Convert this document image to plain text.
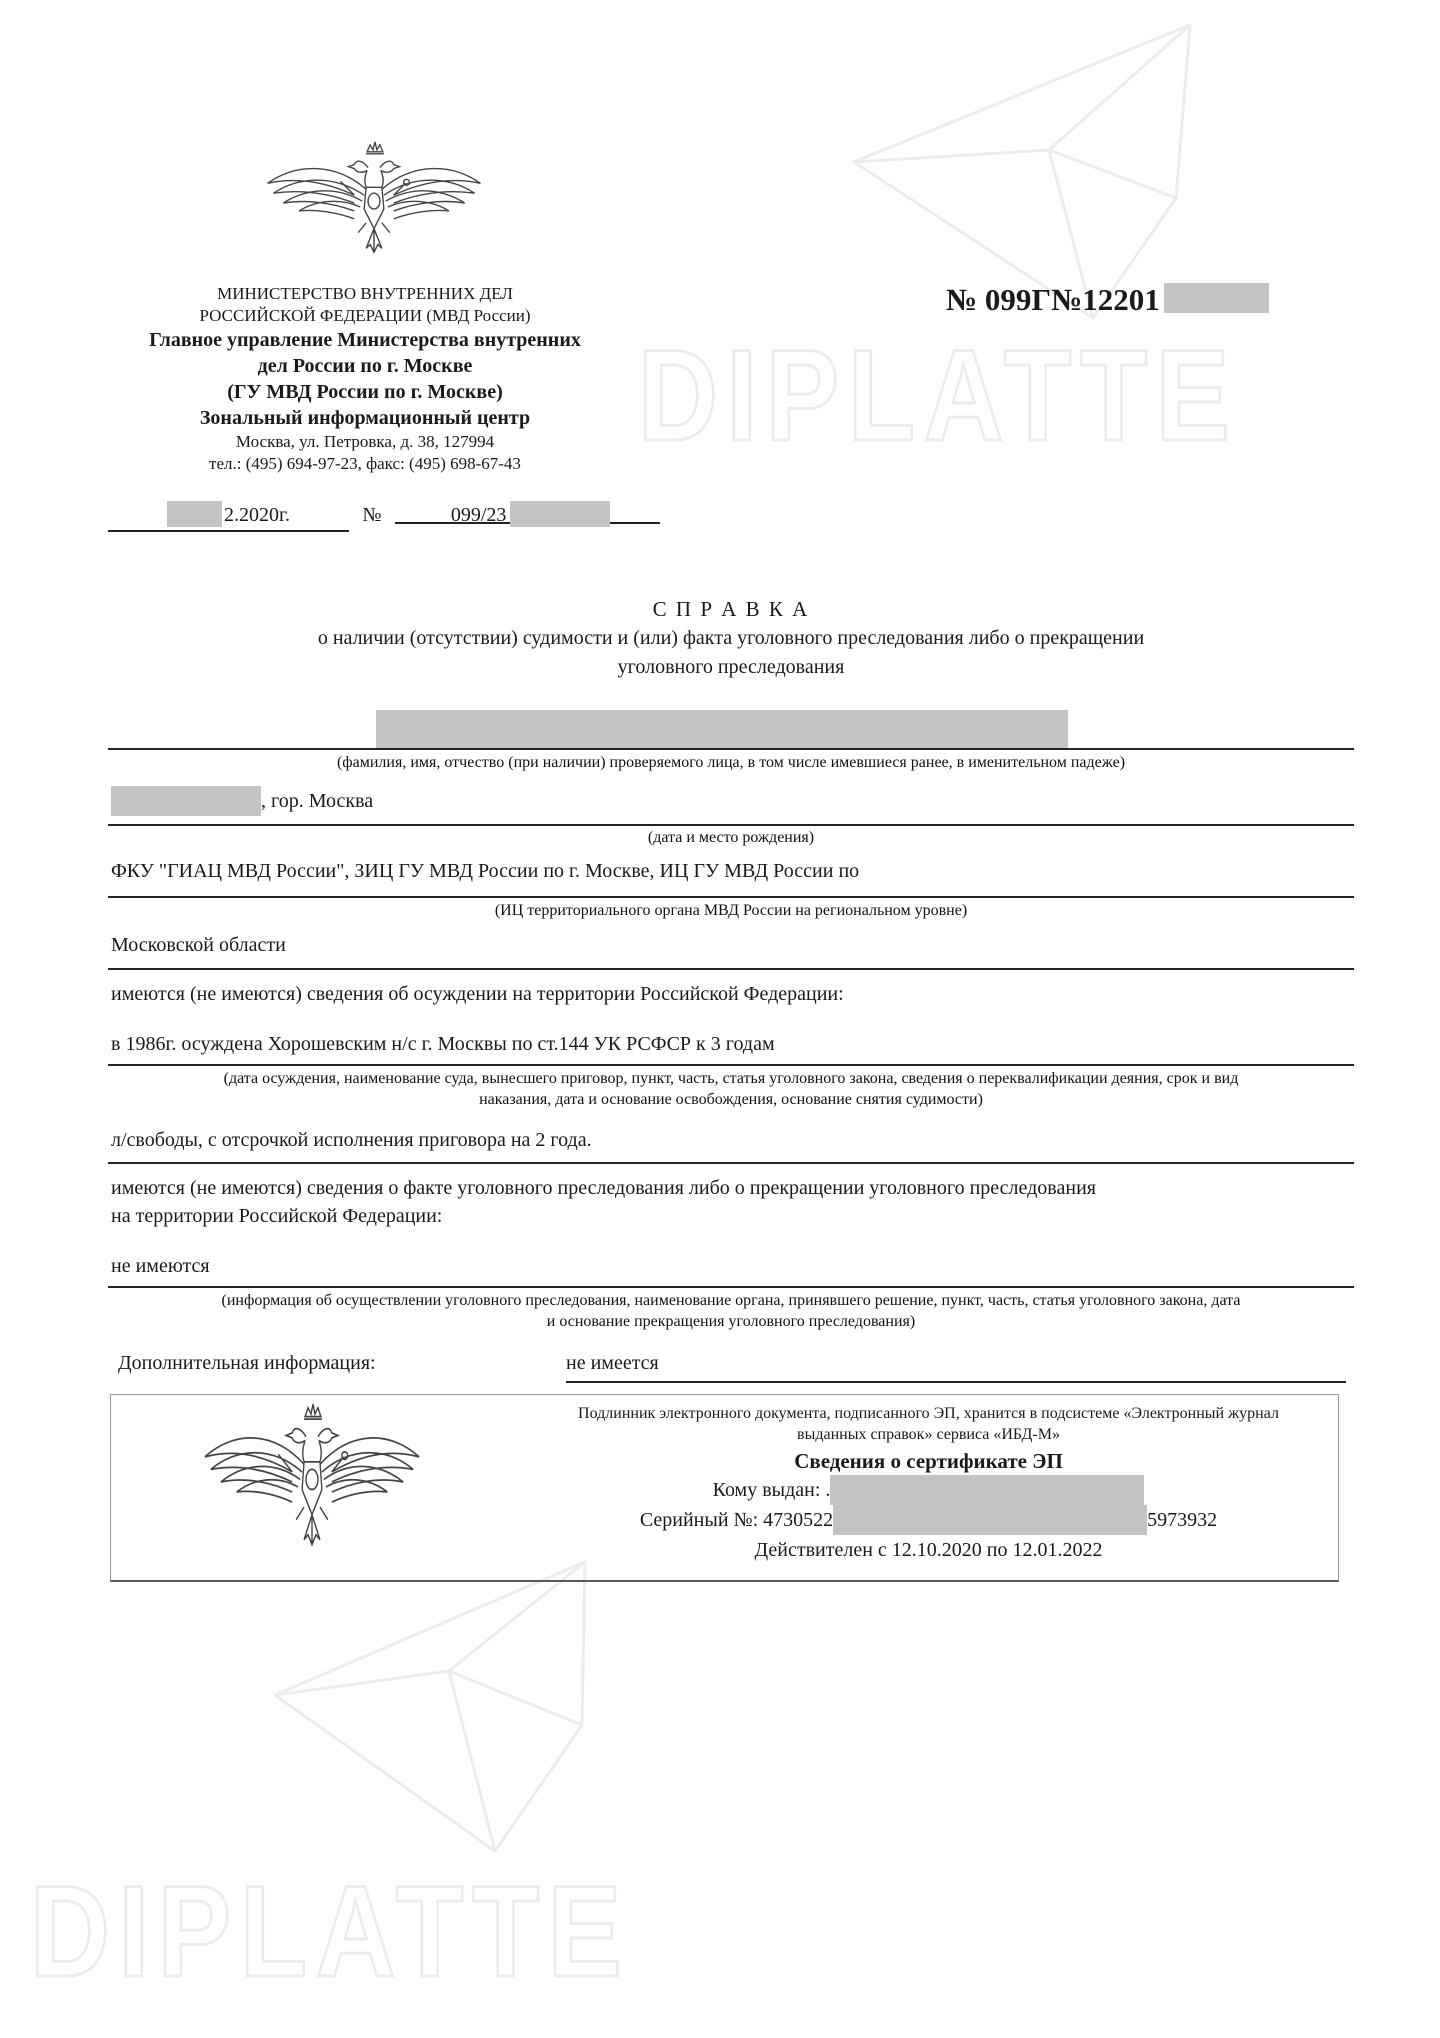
DIPLATTE
DIPLATTE
МИНИСТЕРСТВО ВНУТРЕННИХ ДЕЛ
РОССИЙСКОЙ ФЕДЕРАЦИИ (МВД России)
Главное управление Министерства внутренних
дел России по г. Москве
(ГУ МВД России по г. Москве)
Зональный информационный центр
Москва, ул. Петровка, д. 38, 127994
тел.: (495) 694-97-23, факс: (495) 698-67-43
№ 099Г№12201
2.2020г.	№	099/23
С П Р А В К А
о наличии (отсутствии) судимости и (или) факта уголовного преследования либо о прекращении
уголовного преследования
(фамилия, имя, отчество (при наличии) проверяемого лица, в том числе имевшиеся ранее, в именительном падеже)
, гор. Москва
(дата и место рождения)
ФКУ "ГИАЦ МВД России", ЗИЦ ГУ МВД России по г. Москве, ИЦ ГУ МВД России по
(ИЦ территориального органа МВД России на региональном уровне)
Московской области
имеются (не имеются) сведения об осуждении на территории Российской Федерации:
в 1986г. осуждена Хорошевским н/с г. Москвы по ст.144 УК РСФСР к 3 годам
(дата осуждения, наименование суда, вынесшего приговор, пункт, часть, статья уголовного закона, сведения о переквалификации деяния, срок и вид
наказания, дата и основание освобождения, основание снятия судимости)
л/свободы, с отсрочкой исполнения приговора на 2 года.
имеются (не имеются) сведения о факте уголовного преследования либо о прекращении уголовного преследования
на территории Российской Федерации:
не имеются
(информация об осуществлении уголовного преследования, наименование органа, принявшего решение, пункт, часть, статья уголовного закона, дата
и основание прекращения уголовного преследования)
Дополнительная информация:	не имеется
Подлинник электронного документа, подписанного ЭП, хранится в подсистеме «Электронный журнал
выданных справок» сервиса «ИБД-М»
Сведения о сертификате ЭП
Кому выдан: .
Серийный №: 4730522	5973932
Действителен с 12.10.2020 по 12.01.2022
